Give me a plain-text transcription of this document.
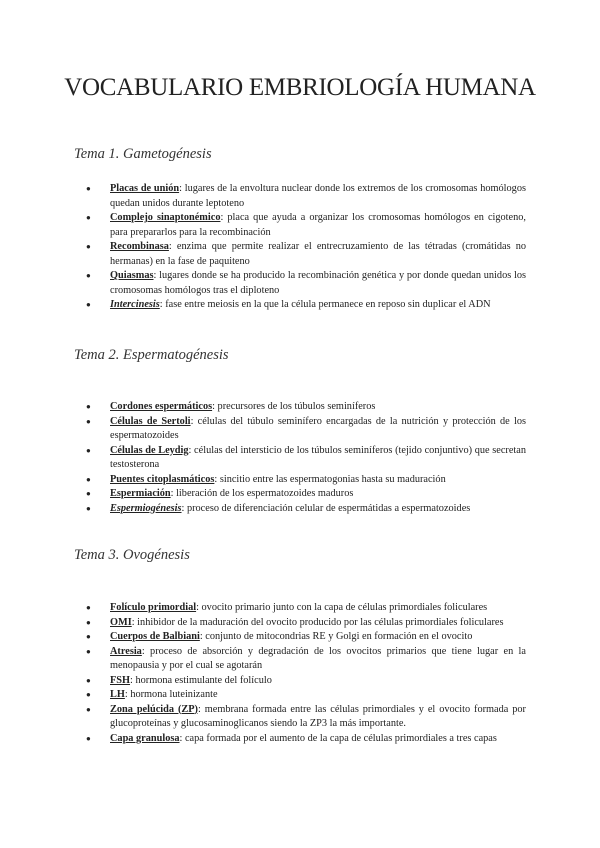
VOCABULARIO EMBRIOLOGÍA HUMANA
Tema 1. Gametogénesis
● Placas de unión: lugares de la envoltura nuclear donde los extremos de los cromosomas homólogos quedan unidos durante leptoteno
● Complejo sinaptonémico: placa que ayuda a organizar los cromosomas homólogos en cigoteno, para prepararlos para la recombinación
● Recombinasa: enzima que permite realizar el entrecruzamiento de las tétradas (cromátidas no hermanas) en la fase de paquiteno
● Quiasmas: lugares donde se ha producido la recombinación genética y por donde quedan unidos los cromosomas homólogos tras el diploteno
● Intercinesis: fase entre meiosis en la que la célula permanece en reposo sin duplicar el ADN
Tema 2. Espermatogénesis
● Cordones espermáticos: precursores de los túbulos seminíferos
● Células de Sertoli: células del túbulo seminífero encargadas de la nutrición y protección de los espermatozoides
● Células de Leydig: células del intersticio de los túbulos seminíferos (tejido conjuntivo) que secretan testosterona
● Puentes citoplasmáticos: sincitio entre las espermatogonias hasta su maduración
● Espermiación: liberación de los espermatozoides maduros
● Espermiogénesis: proceso de diferenciación celular de espermátidas a espermatozoides
Tema 3. Ovogénesis
● Folículo primordial: ovocito primario junto con la capa de células primordiales foliculares
● OMI: inhibidor de la maduración del ovocito producido por las células primordiales foliculares
● Cuerpos de Balbiani: conjunto de mitocondrias RE y Golgi en formación en el ovocito
● Atresia: proceso de absorción y degradación de los ovocitos primarios que tiene lugar en la menopausia y por el cual se agotarán
● FSH: hormona estimulante del folículo
● LH: hormona luteinizante
● Zona pelúcida (ZP): membrana formada entre las células primordiales y el ovocito formada por glucoproteínas y glucosaminoglicanos siendo la ZP3 la más importante.
● Capa granulosa: capa formada por el aumento de la capa de células primordiales a tres capas
